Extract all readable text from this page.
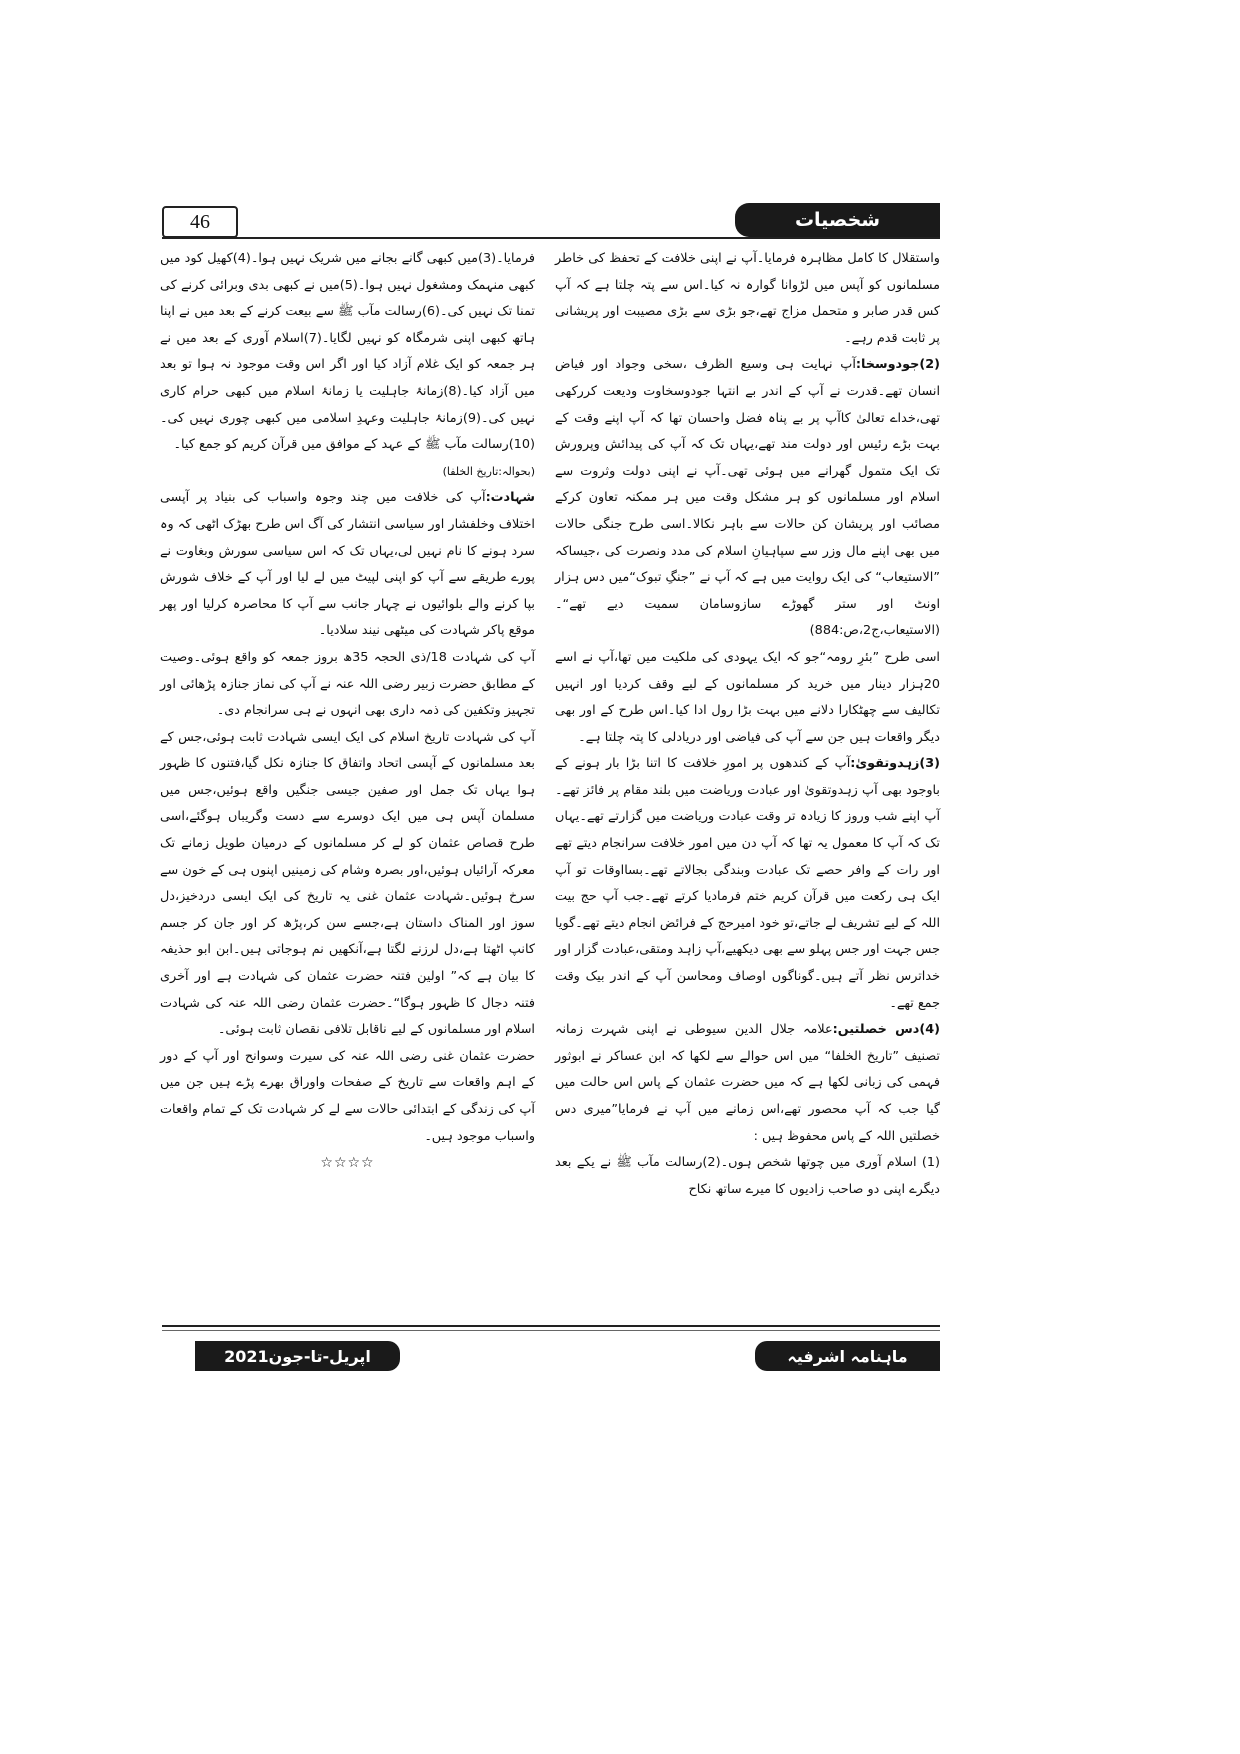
46	شخصیات

واستقلال کا کامل مظاہرہ فرمایا۔آپ نے اپنی خلافت کے تحفظ کی خاطر مسلمانوں کو آپس میں لڑوانا گوارہ نہ کیا۔اس سے پتہ چلتا ہے کہ آپ کس قدر صابر و متحمل مزاج تھے،جو بڑی سے بڑی مصیبت اور پریشانی پر ثابت قدم رہے۔

(2)جودوسخا:آپ نہایت ہی وسیع الظرف ،سخی وجواد اور فیاض انسان تھے۔قدرت نے آپ کے اندر بے انتہا جودوسخاوت ودیعت کررکھی تھی،خداے تعالیٰ کاآپ پر بے پناہ فضل واحسان تھا کہ آپ اپنے وقت کے بہت بڑے رئیس اور دولت مند تھے،یہاں تک کہ آپ کی پیدائش وپرورش تک ایک متمول گھرانے میں ہوئی تھی۔آپ نے اپنی دولت وثروت سے اسلام اور مسلمانوں کو ہر مشکل وقت میں ہر ممکنہ تعاون کرکے مصائب اور پریشان کن حالات سے باہر نکالا۔اسی طرح جنگی حالات میں بھی اپنے مال وزر سے سپاہیانِ اسلام کی مدد ونصرت کی ،جیساکہ ”الاستیعاب“ کی ایک روایت میں ہے کہ آپ نے ”جنگِ تبوک“میں دس ہزار اونٹ اور ستر گھوڑے سازوسامان سمیت دیے تھے“۔(الاستیعاب،ج2،ص:884)

اسی طرح ”بئرِ رومہ“جو کہ ایک یہودی کی ملکیت میں تھا،آپ نے اسے 20ہزار دینار میں خرید کر مسلمانوں کے لیے وقف کردیا اور انہیں تکالیف سے چھٹکارا دلانے میں بہت بڑا رول ادا کیا۔اس طرح کے اور بھی دیگر واقعات ہیں جن سے آپ کی فیاضی اور دریادلی کا پتہ چلتا ہے۔

(3)زہدوتقویٰ:آپ کے کندھوں پر امورِ خلافت کا اتنا بڑا بار ہونے کے باوجود بھی آپ زہدوتقویٰ اور عبادت وریاضت میں بلند مقام پر فائز تھے۔آپ اپنے شب وروز کا زیادہ تر وقت عبادت وریاضت میں گزارتے تھے۔یہاں تک کہ آپ کا معمول یہ تھا کہ آپ دن میں امور خلافت سرانجام دیتے تھے اور رات کے وافر حصے تک عبادت وبندگی بجالاتے تھے۔بسااوقات تو آپ ایک ہی رکعت میں قرآن کریم ختم فرمادیا کرتے تھے۔جب آپ حج بیت اللہ کے لیے تشریف لے جاتے،تو خود امیرحج کے فرائض انجام دیتے تھے۔گویا جس جہت اور جس پہلو سے بھی دیکھیے،آپ زاہد ومتقی،عبادت گزار اور خداترس نظر آتے ہیں۔گوناگوں اوصاف ومحاسن آپ کے اندر بیک وقت جمع تھے۔

(4)دس خصلتیں:علامہ جلال الدین سیوطی نے اپنی شہرت زمانہ تصنیف ”تاریخ الخلفا“ میں اس حوالے سے لکھا کہ ابن عساکر نے ابوثور فہمی کی زبانی لکھا ہے کہ میں حضرت عثمان کے پاس اس حالت میں گیا جب کہ آپ محصور تھے،اس زمانے میں آپ نے فرمایا”میری دس خصلتیں اللہ کے پاس محفوظ ہیں :

(1) اسلام آوری میں چوتھا شخص ہوں۔(2)رسالت مآب ﷺ نے یکے بعد دیگرے اپنی دو صاحب زادیوں کا میرے ساتھ نکاح

فرمایا۔(3)میں کبھی گانے بجانے میں شریک نہیں ہوا۔(4)کھیل کود میں کبھی منہمک ومشغول نہیں ہوا۔(5)میں نے کبھی بدی وبرائی کرنے کی تمنا تک نہیں کی۔(6)رسالت مآب ﷺ سے بیعت کرنے کے بعد میں نے اپنا ہاتھ کبھی اپنی شرمگاہ کو نہیں لگایا۔(7)اسلام آوری کے بعد میں نے ہر جمعہ کو ایک غلام آزاد کیا اور اگر اس وقت موجود نہ ہوا تو بعد میں آزاد کیا۔(8)زمانۂ جاہلیت یا زمانۂ اسلام میں کبھی حرام کاری نہیں کی۔(9)زمانۂ جاہلیت وعہدِ اسلامی میں کبھی چوری نہیں کی۔(10)رسالت مآب ﷺ کے عہد کے موافق میں قرآن کریم کو جمع کیا۔

(بحوالہ:تاریخ الخلفا)

شہادت:آپ کی خلافت میں چند وجوہ واسباب کی بنیاد پر آپسی اختلاف وخلفشار اور سیاسی انتشار کی آگ اس طرح بھڑک اٹھی کہ وہ سرد ہونے کا نام نہیں لی،یہاں تک کہ اس سیاسی سورش وبغاوت نے پورے طریقے سے آپ کو اپنی لپیٹ میں لے لیا اور آپ کے خلاف شورش بپا کرنے والے بلوائیوں نے چہار جانب سے آپ کا محاصرہ کرلیا اور پھر موقع پاکر شہادت کی میٹھی نیند سلادیا۔

آپ کی شہادت 18/ذی الحجہ 35ھ بروز جمعہ کو واقع ہوئی۔وصیت کے مطابق حضرت زبیر رضی اللہ عنہ نے آپ کی نماز جنازہ پڑھائی اور تجہیز وتکفین کی ذمہ داری بھی انہوں نے ہی سرانجام دی۔

آپ کی شہادت تاریخ اسلام کی ایک ایسی شہادت ثابت ہوئی،جس کے بعد مسلمانوں کے آپسی اتحاد واتفاق کا جنازہ نکل گیا،فتنوں کا ظہور ہوا یہاں تک جمل اور صفین جیسی جنگیں واقع ہوئیں،جس میں مسلمان آپس ہی میں ایک دوسرے سے دست وگریباں ہوگئے،اسی طرح قصاص عثمان کو لے کر مسلمانوں کے درمیان طویل زمانے تک معرکہ آرائیاں ہوئیں،اور بصرہ وشام کی زمینیں اپنوں ہی کے خون سے سرخ ہوئیں۔شہادت عثمان غنی یہ تاریخ کی ایک ایسی دردخیز،دل سوز اور المناک داستان ہے،جسے سن کر،پڑھ کر اور جان کر جسم کانپ اٹھتا ہے،دل لرزنے لگتا ہے،آنکھیں نم ہوجاتی ہیں۔ابن ابو حذیفہ کا بیان ہے کہ” اولین فتنہ حضرت عثمان کی شہادت ہے اور آخری فتنہ دجال کا ظہور ہوگا“۔حضرت عثمان رضی اللہ عنہ کی شہادت اسلام اور مسلمانوں کے لیے ناقابل تلافی نقصان ثابت ہوئی۔

حضرت عثمان غنی رضی اللہ عنہ کی سیرت وسوانح اور آپ کے دور کے اہم واقعات سے تاریخ کے صفحات واوراق بھرے پڑے ہیں جن میں آپ کی زندگی کے ابتدائی حالات سے لے کر شہادت تک کے تمام واقعات واسباب موجود ہیں۔

☆☆☆☆

اپریل-تا-جون2021	ماہنامہ اشرفیہ
